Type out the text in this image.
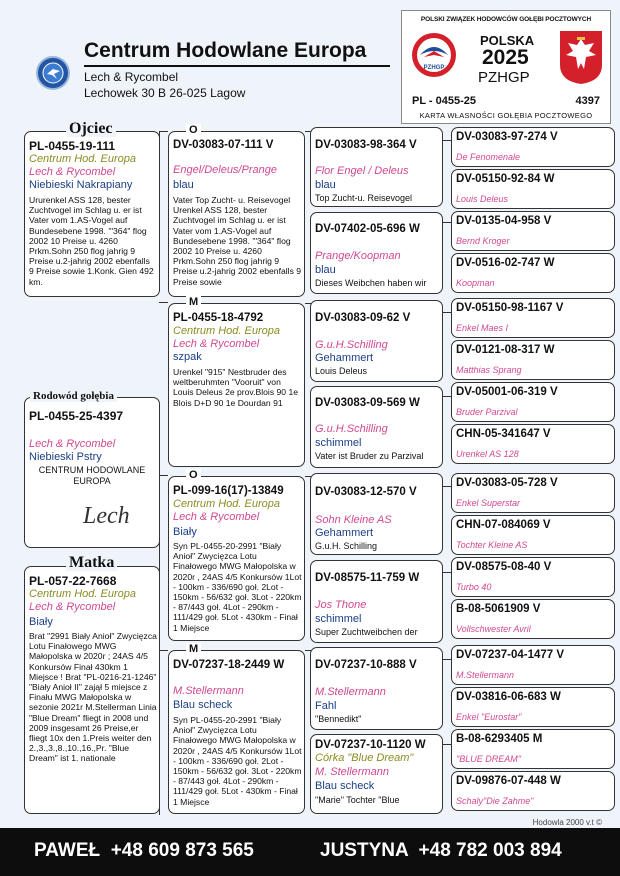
Centrum Hodowlane Europa
Lech & Rycombel
Lechowek 30 B 26-025 Lagow
POLSKI ZWIĄZEK HODOWCÓW GOŁĘBI POCZTOWYCH
PZHGP
POLSKA
2025
PZHGP
PL - 0455-25	4397
KARTA WŁASNOŚCI GOŁĘBIA POCZTOWEGO
PL-0455-19-111
Centrum Hod. Europa
Lech & Rycombel
Niebieski Nakrapiany
Ururenkel ASS 128, bester Zuchtvogel im Schlag u. er ist Vater vom 1.AS-Vogel auf Bundesebene 1998. '"364" flog 2002 10 Preise u. 4260 Prkm.Sohn 250 flog jahrig 9 Preise u.2-jahrig 2002 ebenfalls 9 Preise sowie 1.Konk. Gien 492 km.
Ojciec
PL-0455-25-4397
Lech & Rycombel
Niebieski Pstry
CENTRUM HODOWLANE
EUROPA
Lech
Rodowód gołębia
PL-057-22-7668
Centrum Hod. Europa
Lech & Rycombel
Biały
Brat "2991 Biały Anioł" Zwycięzca Lotu Finałowego MWG Małopolska w 2020r ; 24AS 4/5 Konkursów Finał 430km 1 Miejsce ! Brat "PL-0216-21-1246" "Biały Anioł II" zajął 5 miejsce z Finału MWG Małopolska w sezonie 2021r M.Stellerman Linia "Blue Dream" fliegt in 2008 und 2009 insgesamt 26 Preise,er fliegt 10x den 1.Preis weiter den 2.,3.,3.,8.,10.,16.,Pr. "Blue Dream" ist 1. nationale
Matka
DV-03083-07-111 V
Engel/Deleus/Prange
blau
Vater Top Zucht- u. Reisevogel Urenkel ASS 128, bester Zuchtvogel im Schlag u. er ist Vater vom 1.AS-Vogel auf Bundesebene 1998. '"364" flog 2002 10 Preise u. 4260 Prkm.Sohn 250 flog jahrig 9 Preise u.2-jahrig 2002 ebenfalls 9 Preise sowie
PL-0455-18-4792
Centrum Hod. Europa
Lech & Rycombel
szpak
Urenkel "915" Nestbruder des weltberuhmten "Vooruit" von Louis Deleus 2e prov.Blois 90 1e Blois D+D 90 1e Dourdan 91
PL-099-16(17)-13849
Centrum Hod. Europa
Lech & Rycombel
Biały
Syn PL-0455-20-2991 "Biały Anioł" Zwycięzca Lotu Finałowego MWG Małopolska w 2020r , 24AS 4/5 Konkursów 1Lot - 100km - 336/690 goł. 2Lot - 150km - 56/632 goł. 3Lot - 220km - 87/443 goł. 4Lot - 290km - 111/429 goł. 5Lot - 430km - Finał 1 Miejsce
DV-07237-18-2449 W
M.Stellermann
Blau scheck
Syn PL-0455-20-2991 "Biały Anioł" Zwycięzca Lotu Finałowego MWG Małopolska w 2020r , 24AS 4/5 Konkursów 1Lot - 100km - 336/690 goł. 2Lot - 150km - 56/632 goł. 3Lot - 220km - 87/443 goł. 4Lot - 290km - 111/429 goł. 5Lot - 430km - Finał 1 Miejsce
O
M
O
M
DV-03083-98-364 V
Flor Engel / Deleus
blau
Top Zucht-u. Reisevogel
DV-07402-05-696 W
Prange/Koopman
blau
Dieses Weibchen haben wir
DV-03083-09-62 V
G.u.H.Schilling
Gehammert
Louis Deleus
DV-03083-09-569 W
G.u.H.Schilling
schimmel
Vater ist Bruder zu Parzival
DV-03083-12-570 V
Sohn Kleine AS
Gehammert
G.u.H. Schilling
DV-08575-11-759 W
Jos Thone
schimmel
Super Zuchtweibchen der
DV-07237-10-888 V
M.Stellermann
Fahl
"Bennedikt"
DV-07237-10-1120 W
Córka "Blue Dream"
M. Stellermann
Blau scheck
"Marie" Tochter "Blue
DV-03083-97-274 V
De Fenomenale
DV-05150-92-84 W
Louis Deleus
DV-0135-04-958 V
Bernd Kroger
DV-0516-02-747 W
Koopman
DV-05150-98-1167 V
Enkel Maes I
DV-0121-08-317 W
Matthias Sprang
DV-05001-06-319 V
Bruder Parzival
CHN-05-341647 V
Urenkel AS 128
DV-03083-05-728 V
Enkel Superstar
CHN-07-084069 V
Tochter Kleine AS
DV-08575-08-40 V
Turbo 40
B-08-5061909 V
Vollschwester Avril
DV-07237-04-1477 V
M.Stellermann
DV-03816-06-683 W
Enkel "Eurostar"
B-08-6293405 M
"BLUE DREAM"
DV-09876-07-448 W
Schaly"Die Zahme"
Hodowla 2000 v.t ©
PAWEŁ  +48 609 873 565	JUSTYNA  +48 782 003 894
